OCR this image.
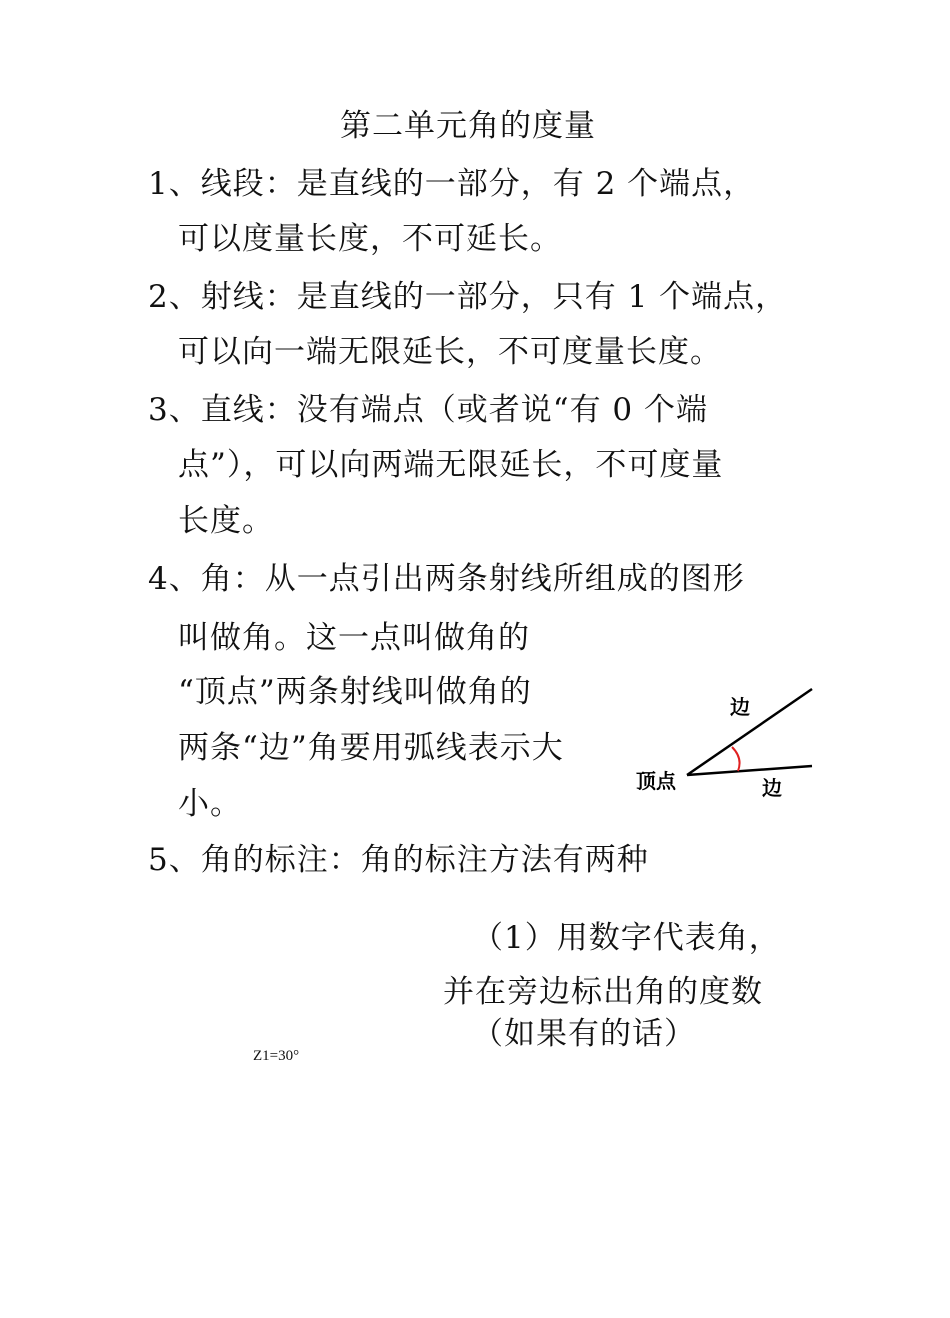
第二单元角的度量
1、线段：是直线的一部分，有 2 个端点，
可以度量长度，不可延长。
2、射线：是直线的一部分，只有 1 个端点，
可以向一端无限延长，不可度量长度。
3、直线：没有端点（或者说“有 0 个端
点”），可以向两端无限延长，不可度量
长度。
4、角：从一点引出两条射线所组成的图形
叫做角。这一点叫做角的
“顶点”两条射线叫做角的
两条“边”角要用弧线表示大
小。
顶点
边
边
5、角的标注：角的标注方法有两种
（1）用数字代表角，
并在旁边标出角的度数
（如果有的话）
Z1=30°
